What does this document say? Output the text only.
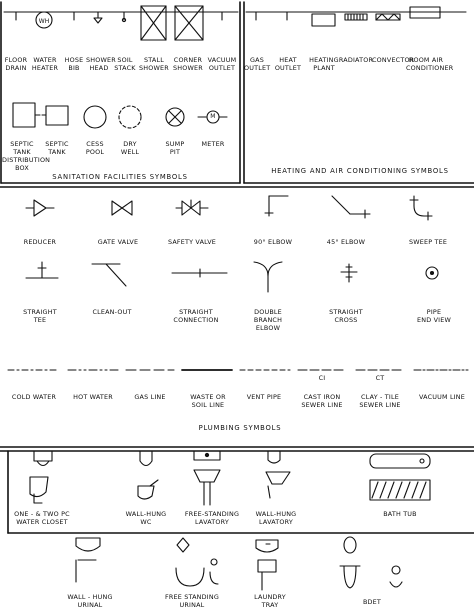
WH
FLOOR
DRAIN
WATER
HEATER
HOSE
BIB
SHOWER
HEAD
SOIL
STACK
STALL
SHOWER
CORNER
SHOWER
VACUUM
OUTLET
SEPTIC TANK
DISTRIBUTION
BOX
SEPTIC
TANK
CESS
POOL
DRY
WELL
SUMP
PIT
METER
M
SANITATION FACILITIES SYMBOLS
GAS
OUTLET
HEAT
OUTLET
HEATING
PLANT
RADIATOR
CONVECTOR
ROOM AIR
CONDITIONER
HEATING AND AIR CONDITIONING SYMBOLS
REDUCER	GATE VALVE	SAFETY VALVE	90° ELBOW	45° ELBOW	SWEEP TEE
STRAIGHT
TEE
CLEAN-OUT	STRAIGHT
CONNECTION
DOUBLE
BRANCH
ELBOW
STRAIGHT
CROSS
PIPE
END VIEW
CI	CT
COLD WATER	HOT WATER	GAS LINE	WASTE OR
SOIL LINE
VENT PIPE	CAST IRON
SEWER LINE
CLAY - TILE
SEWER LINE
VACUUM LINE
PLUMBING SYMBOLS
ONE - & TWO PC
WATER CLOSET
WALL-HUNG
WC
FREE-STANDING
LAVATORY
WALL-HUNG
LAVATORY
BATH TUB
WALL - HUNG
URINAL
FREE STANDING
URINAL
LAUNDRY
TRAY	BDET
